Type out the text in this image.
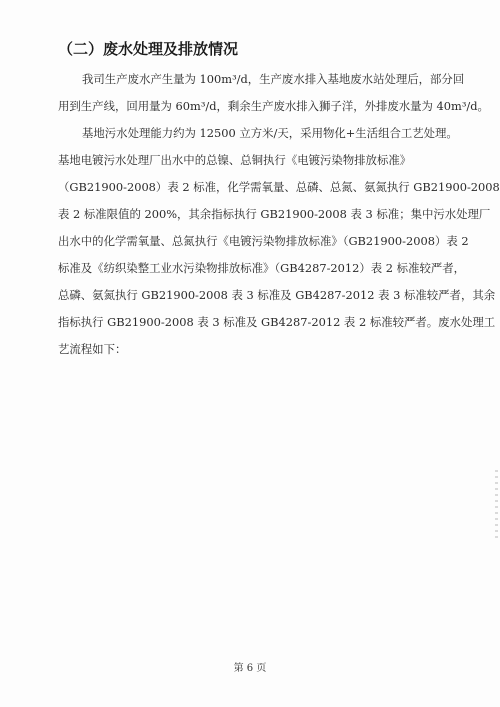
（二）废水处理及排放情况
我司生产废水产生量为 100m³/d，生产废水排入基地废水站处理后，部分回
用到生产线，回用量为 60m³/d，剩余生产废水排入狮子洋，外排废水量为 40m³/d。
基地污水处理能力约为 12500 立方米/天，采用物化+生活组合工艺处理。
基地电镀污水处理厂出水中的总镍、总铜执行《电镀污染物排放标准》
（GB21900-2008）表 2 标准，化学需氧量、总磷、总氮、氨氮执行 GB21900-2008
表 2 标准限值的 200%，其余指标执行 GB21900-2008 表 3 标准；集中污水处理厂
出水中的化学需氧量、总氮执行《电镀污染物排放标准》（GB21900-2008）表 2
标准及《纺织染整工业水污染物排放标准》（GB4287-2012）表 2 标准较严者，
总磷、氨氮执行 GB21900-2008 表 3 标准及 GB4287-2012 表 3 标准较严者，其余
指标执行 GB21900-2008 表 3 标准及 GB4287-2012 表 2 标准较严者。废水处理工
艺流程如下：
第 6 页
